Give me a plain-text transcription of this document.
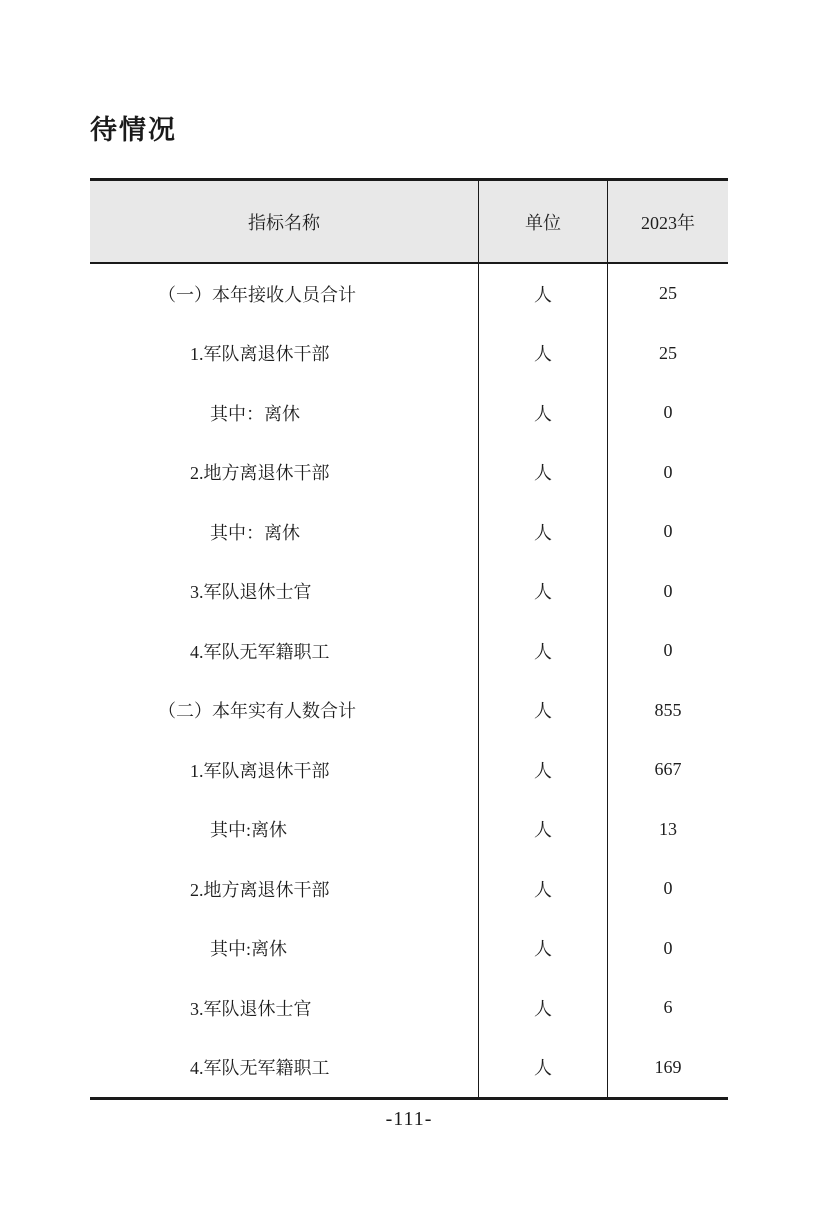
待情况
指标名称	单位	2023年
（一）本年接收人员合计	人	25
1.军队离退休干部	人	25
其中：离休	人	0
2.地方离退休干部	人	0
其中：离休	人	0
3.军队退休士官	人	0
4.军队无军籍职工	人	0
（二）本年实有人数合计	人	855
1.军队离退休干部	人	667
其中:离休	人	13
2.地方离退休干部	人	0
其中:离休	人	0
3.军队退休士官	人	6
4.军队无军籍职工	人	169
-111-
